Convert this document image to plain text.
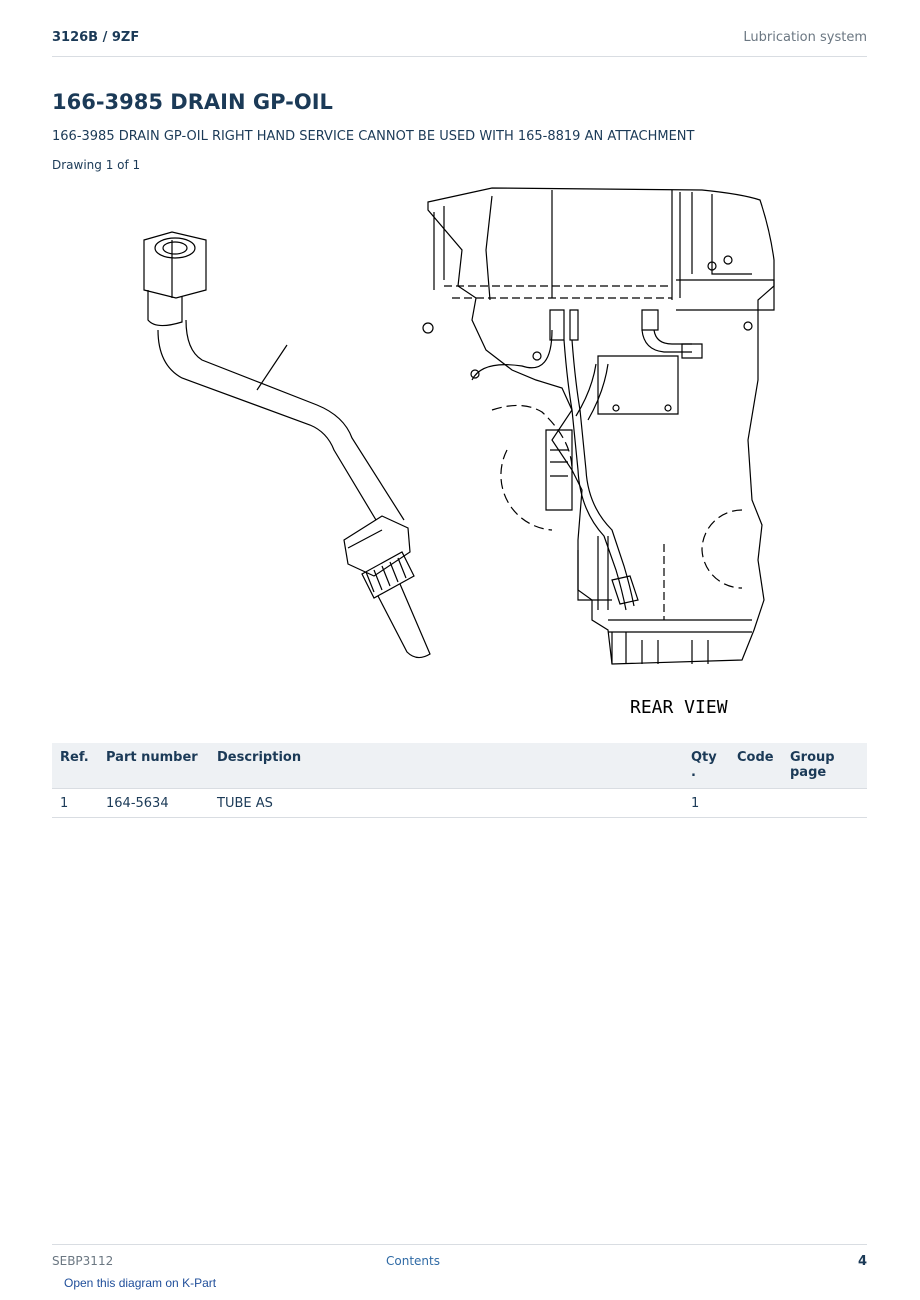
3126B / 9ZF	Lubrication system
166-3985 DRAIN GP-OIL
166-3985 DRAIN GP-OIL RIGHT HAND SERVICE CANNOT BE USED WITH 165-8819 AN ATTACHMENT
Drawing 1 of 1
REAR VIEW
Ref.	Part number	Description	Qty .	Code	Group page
1	164-5634	TUBE AS	1		
SEBP3112	Contents	4
Open this diagram on K-Part
